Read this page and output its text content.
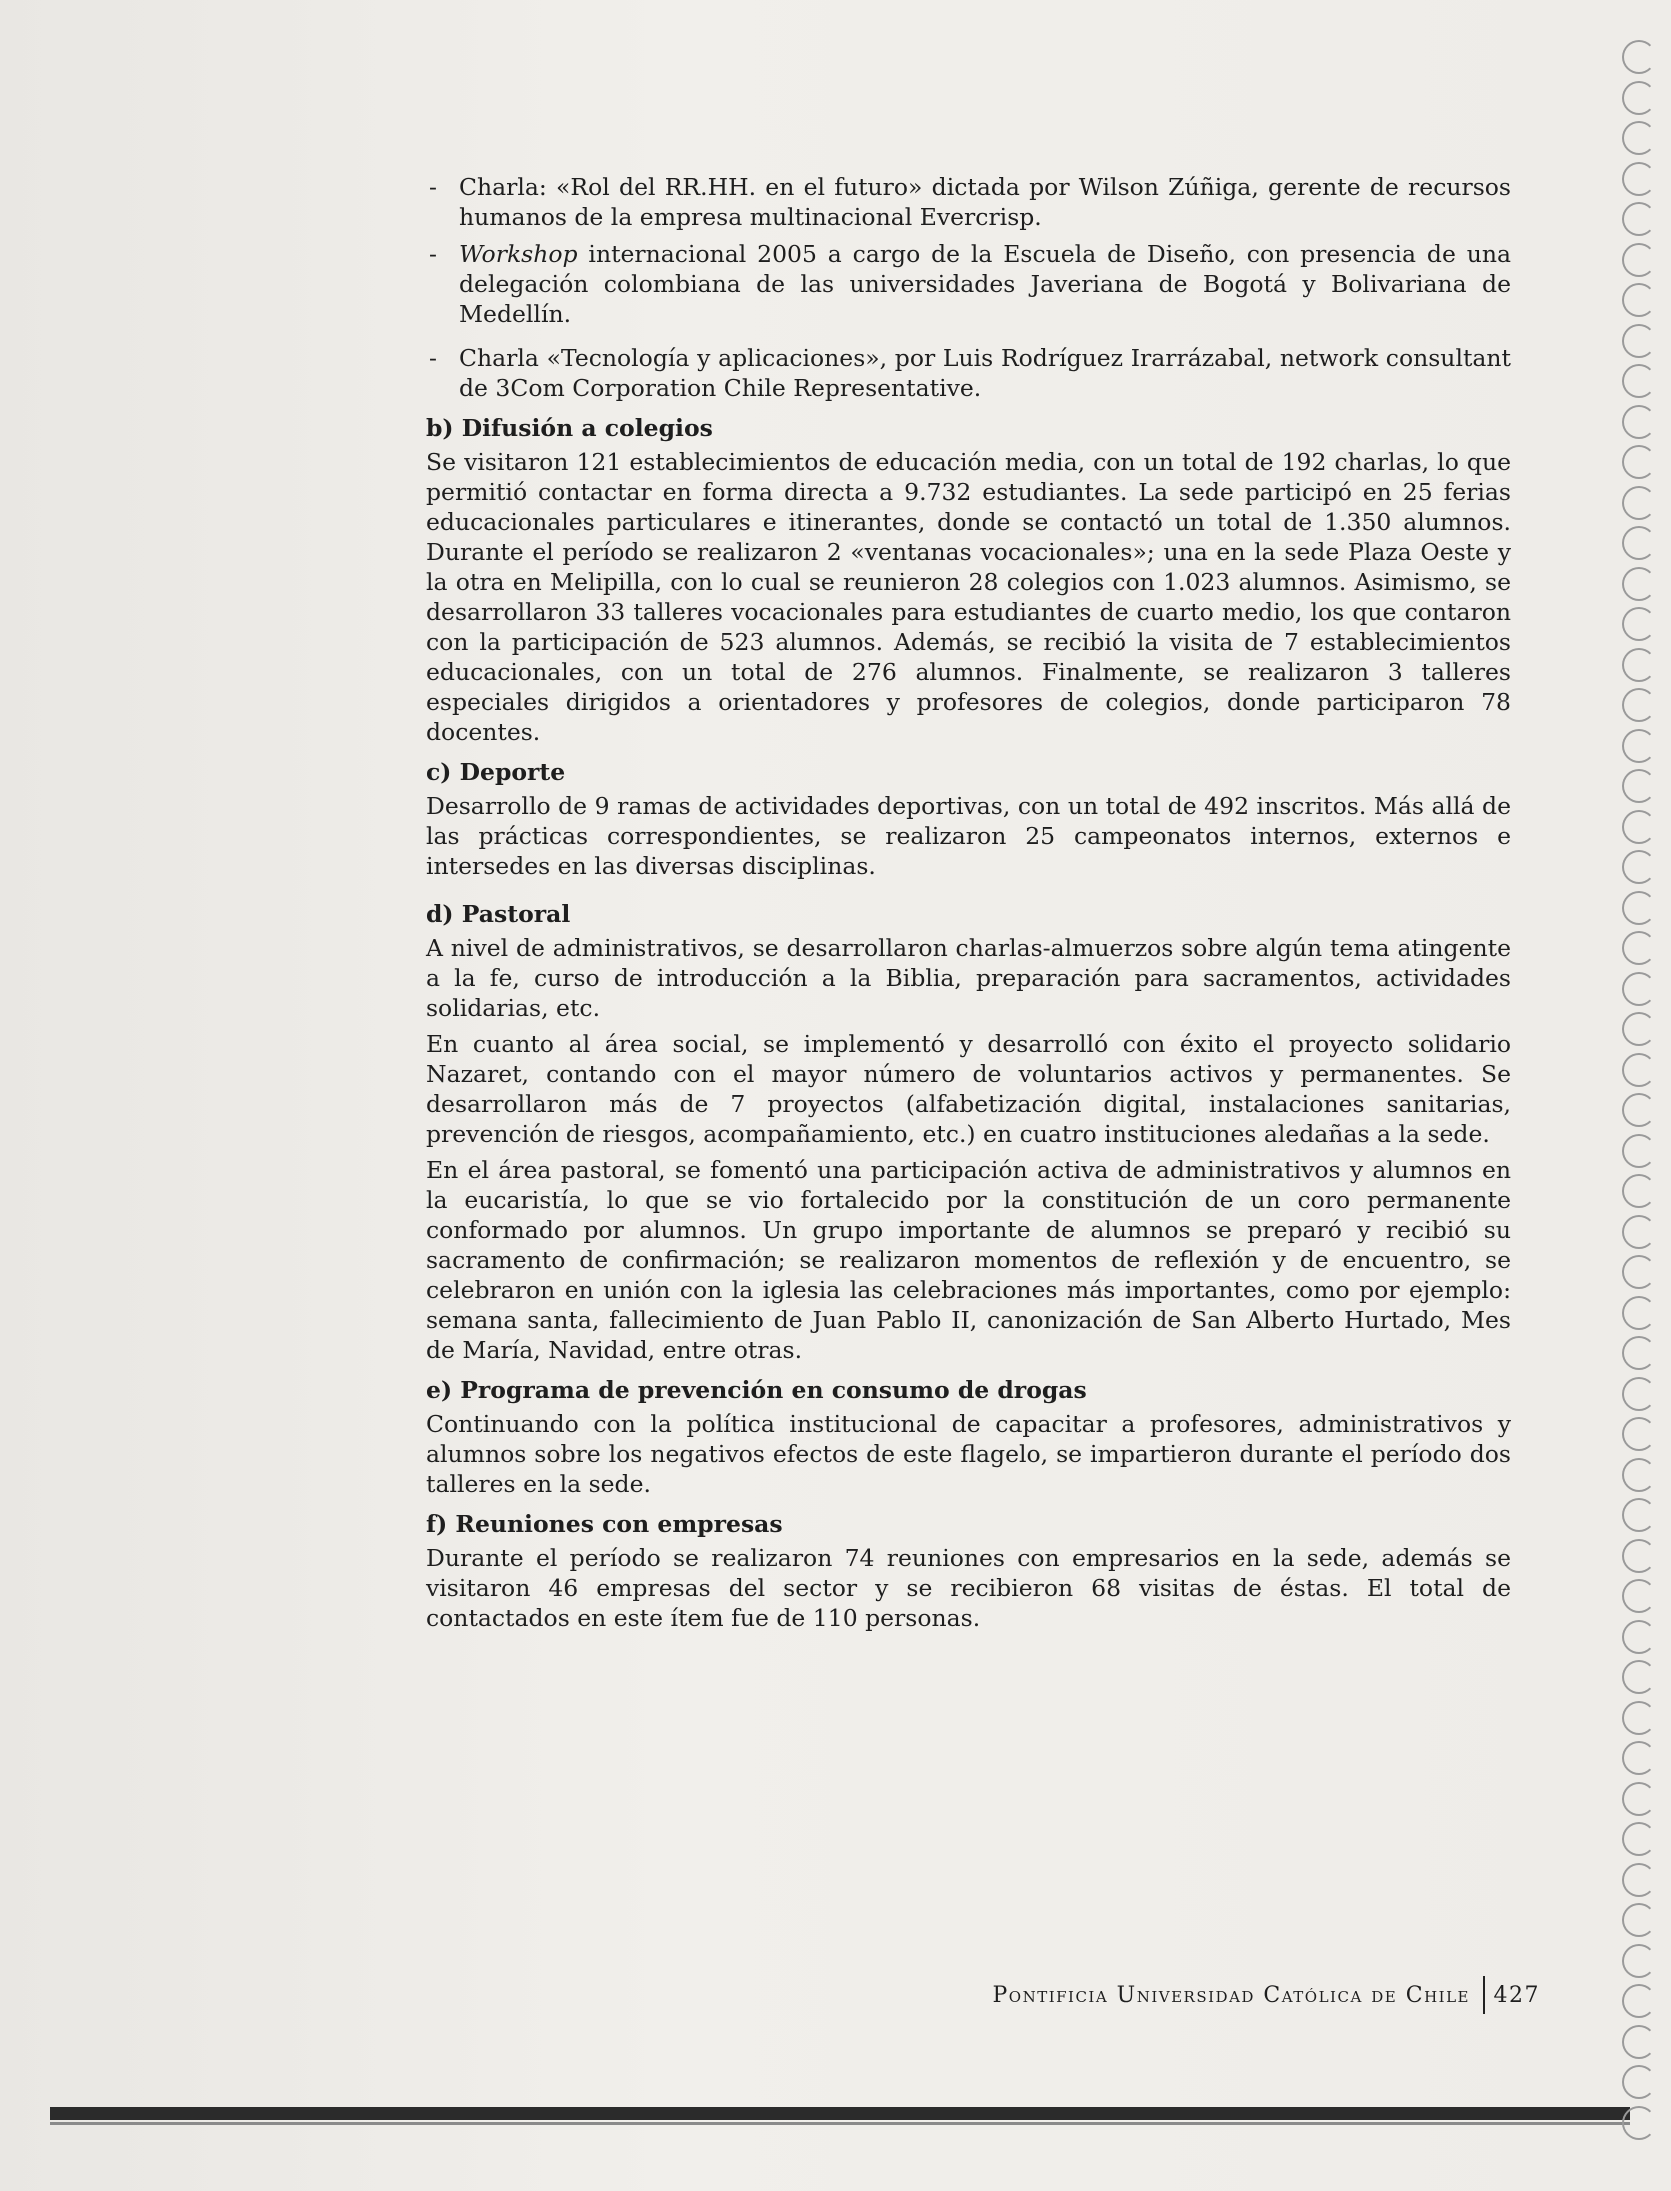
- Charla: «Rol del RR.HH. en el futuro» dictada por Wilson Zúñiga, gerente de recursos humanos de la empresa multinacional Evercrisp.
- Workshop internacional 2005 a cargo de la Escuela de Diseño, con presencia de una delegación colombiana de las universidades Javeriana de Bogotá y Bolivariana de Medellín.
- Charla «Tecnología y aplicaciones», por Luis Rodríguez Irarrázabal, network consultant de 3Com Corporation Chile Representative.
b) Difusión a colegios

Se visitaron 121 establecimientos de educación media, con un total de 192 charlas, lo que permitió contactar en forma directa a 9.732 estudiantes. La sede participó en 25 ferias educacionales particulares e itinerantes, donde se contactó un total de 1.350 alumnos. Durante el período se realizaron 2 «ventanas vocacionales»; una en la sede Plaza Oeste y la otra en Melipilla, con lo cual se reunieron 28 colegios con 1.023 alumnos. Asimismo, se desarrollaron 33 talleres vocacionales para estudiantes de cuarto medio, los que contaron con la participación de 523 alumnos. Además, se recibió la visita de 7 establecimientos educacionales, con un total de 276 alumnos. Finalmente, se realizaron 3 talleres especiales dirigidos a orientadores y profesores de colegios, donde participaron 78 docentes.

c) Deporte

Desarrollo de 9 ramas de actividades deportivas, con un total de 492 inscritos. Más allá de las prácticas correspondientes, se realizaron 25 campeonatos internos, externos e intersedes en las diversas disciplinas.

d) Pastoral

A nivel de administrativos, se desarrollaron charlas-almuerzos sobre algún tema atingente a la fe, curso de introducción a la Biblia, preparación para sacramentos, actividades solidarias, etc.

En cuanto al área social, se implementó y desarrolló con éxito el proyecto solidario Nazaret, contando con el mayor número de voluntarios activos y permanentes. Se desarrollaron más de 7 proyectos (alfabetización digital, instalaciones sanitarias, prevención de riesgos, acompañamiento, etc.) en cuatro instituciones aledañas a la sede.

En el área pastoral, se fomentó una participación activa de administrativos y alumnos en la eucaristía, lo que se vio fortalecido por la constitución de un coro permanente conformado por alumnos. Un grupo importante de alumnos se preparó y recibió su sacramento de confirmación; se realizaron momentos de reflexión y de encuentro, se celebraron en unión con la iglesia las celebraciones más importantes, como por ejemplo: semana santa, fallecimiento de Juan Pablo II, canonización de San Alberto Hurtado, Mes de María, Navidad, entre otras.

e) Programa de prevención en consumo de drogas

Continuando con la política institucional de capacitar a profesores, administrativos y alumnos sobre los negativos efectos de este flagelo, se impartieron durante el período dos talleres en la sede.

f) Reuniones con empresas

Durante el período se realizaron 74 reuniones con empresarios en la sede, además se visitaron 46 empresas del sector y se recibieron 68 visitas de éstas. El total de contactados en este ítem fue de 110 personas.

Pontificia Universidad Católica de Chile 427
